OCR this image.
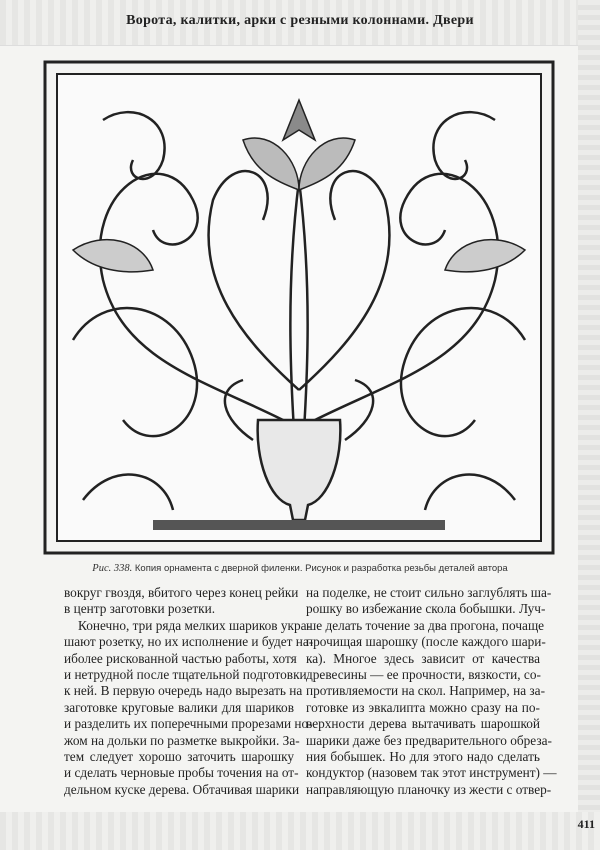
Ворота, калитки, арки с резными колоннами. Двери
Рис. 338. Копия орнамента с дверной филенки. Рисунок и разработка резьбы деталей автора
вокруг гвоздя, вбитого через конец рейки
в центр заготовки розетки.
Конечно, три ряда мелких шариков укра-
шают розетку, но их исполнение и будет на-
иболее рискованной частью работы, хотя
и нетрудной после тщательной подготовки
к ней. В первую очередь надо вырезать на
заготовке круговые валики для шариков
и разделить их поперечными прорезами но-
жом на дольки по разметке выкройки. За-
тем следует хорошо заточить шарошку
и сделать черновые пробы точения на от-
дельном куске дерева. Обтачивая шарики
на поделке, не стоит сильно заглублять ша-
рошку во избежание скола бобышки. Луч-
ше делать точение за два прогона, почаще
прочищая шарошку (после каждого шари-
ка). Многое здесь зависит от качества
древесины — ее прочности, вязкости, со-
противляемости на скол. Например, на за-
готовке из эвкалипта можно сразу на по-
верхности дерева вытачивать шарошкой
шарики даже без предварительного обреза-
ния бобышек. Но для этого надо сделать
кондуктор (назовем так этот инструмент) —
направляющую планочку из жести с отвер-
411
